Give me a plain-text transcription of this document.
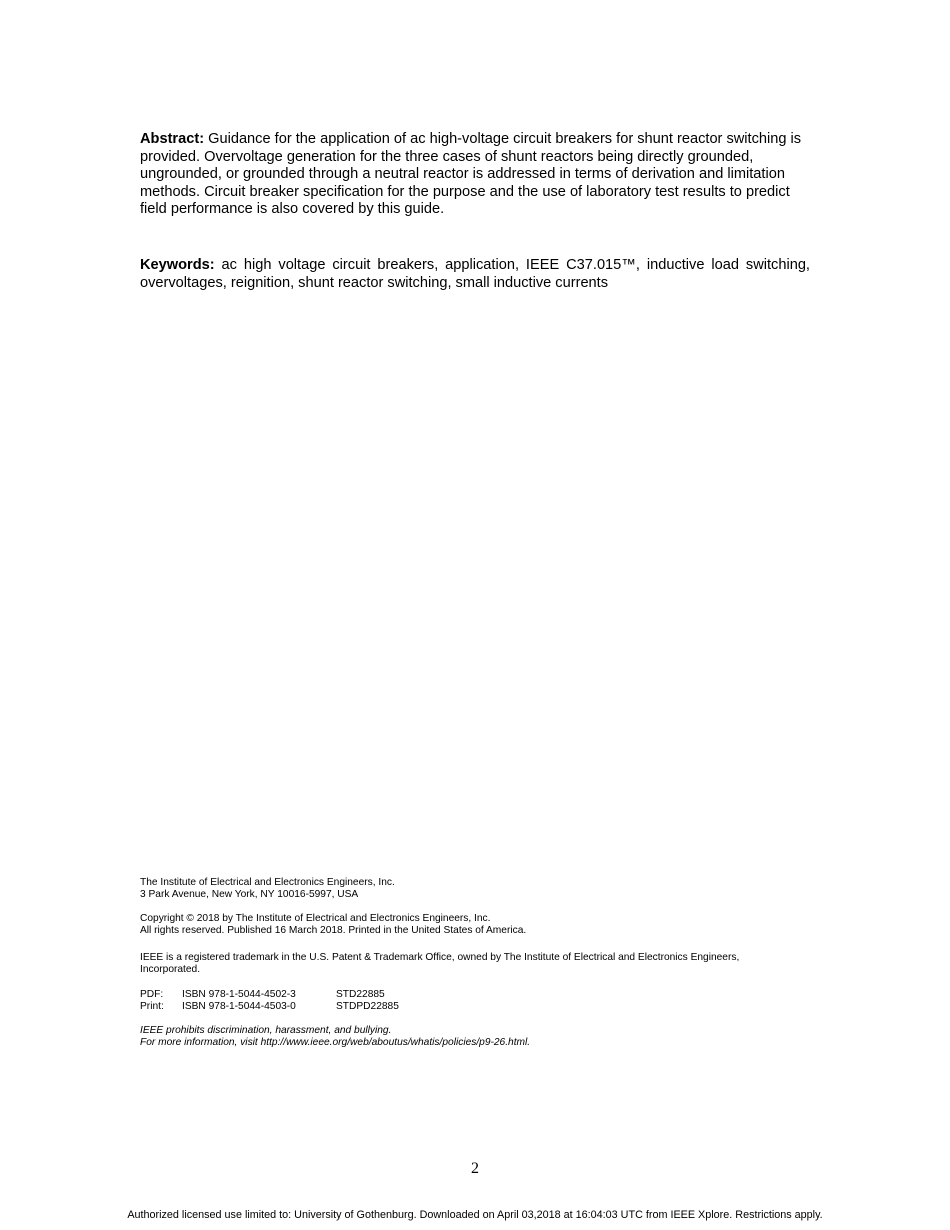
Abstract: Guidance for the application of ac high-voltage circuit breakers for shunt reactor switching is provided. Overvoltage generation for the three cases of shunt reactors being directly grounded, ungrounded, or grounded through a neutral reactor is addressed in terms of derivation and limitation methods. Circuit breaker specification for the purpose and the use of laboratory test results to predict field performance is also covered by this guide.
Keywords: ac high voltage circuit breakers, application, IEEE C37.015™, inductive load switching, overvoltages, reignition, shunt reactor switching, small inductive currents
The Institute of Electrical and Electronics Engineers, Inc.
3 Park Avenue, New York, NY 10016-5997, USA
Copyright © 2018 by The Institute of Electrical and Electronics Engineers, Inc.
All rights reserved. Published 16 March 2018. Printed in the United States of America.
IEEE is a registered trademark in the U.S. Patent & Trademark Office, owned by The Institute of Electrical and Electronics Engineers, Incorporated.
PDF:	ISBN 978-1-5044-4502-3	STD22885
Print:	ISBN 978-1-5044-4503-0	STDPD22885
IEEE prohibits discrimination, harassment, and bullying.
For more information, visit http://www.ieee.org/web/aboutus/whatis/policies/p9-26.html.
2
Authorized licensed use limited to: University of Gothenburg. Downloaded on April 03,2018 at 16:04:03 UTC from IEEE Xplore. Restrictions apply.
